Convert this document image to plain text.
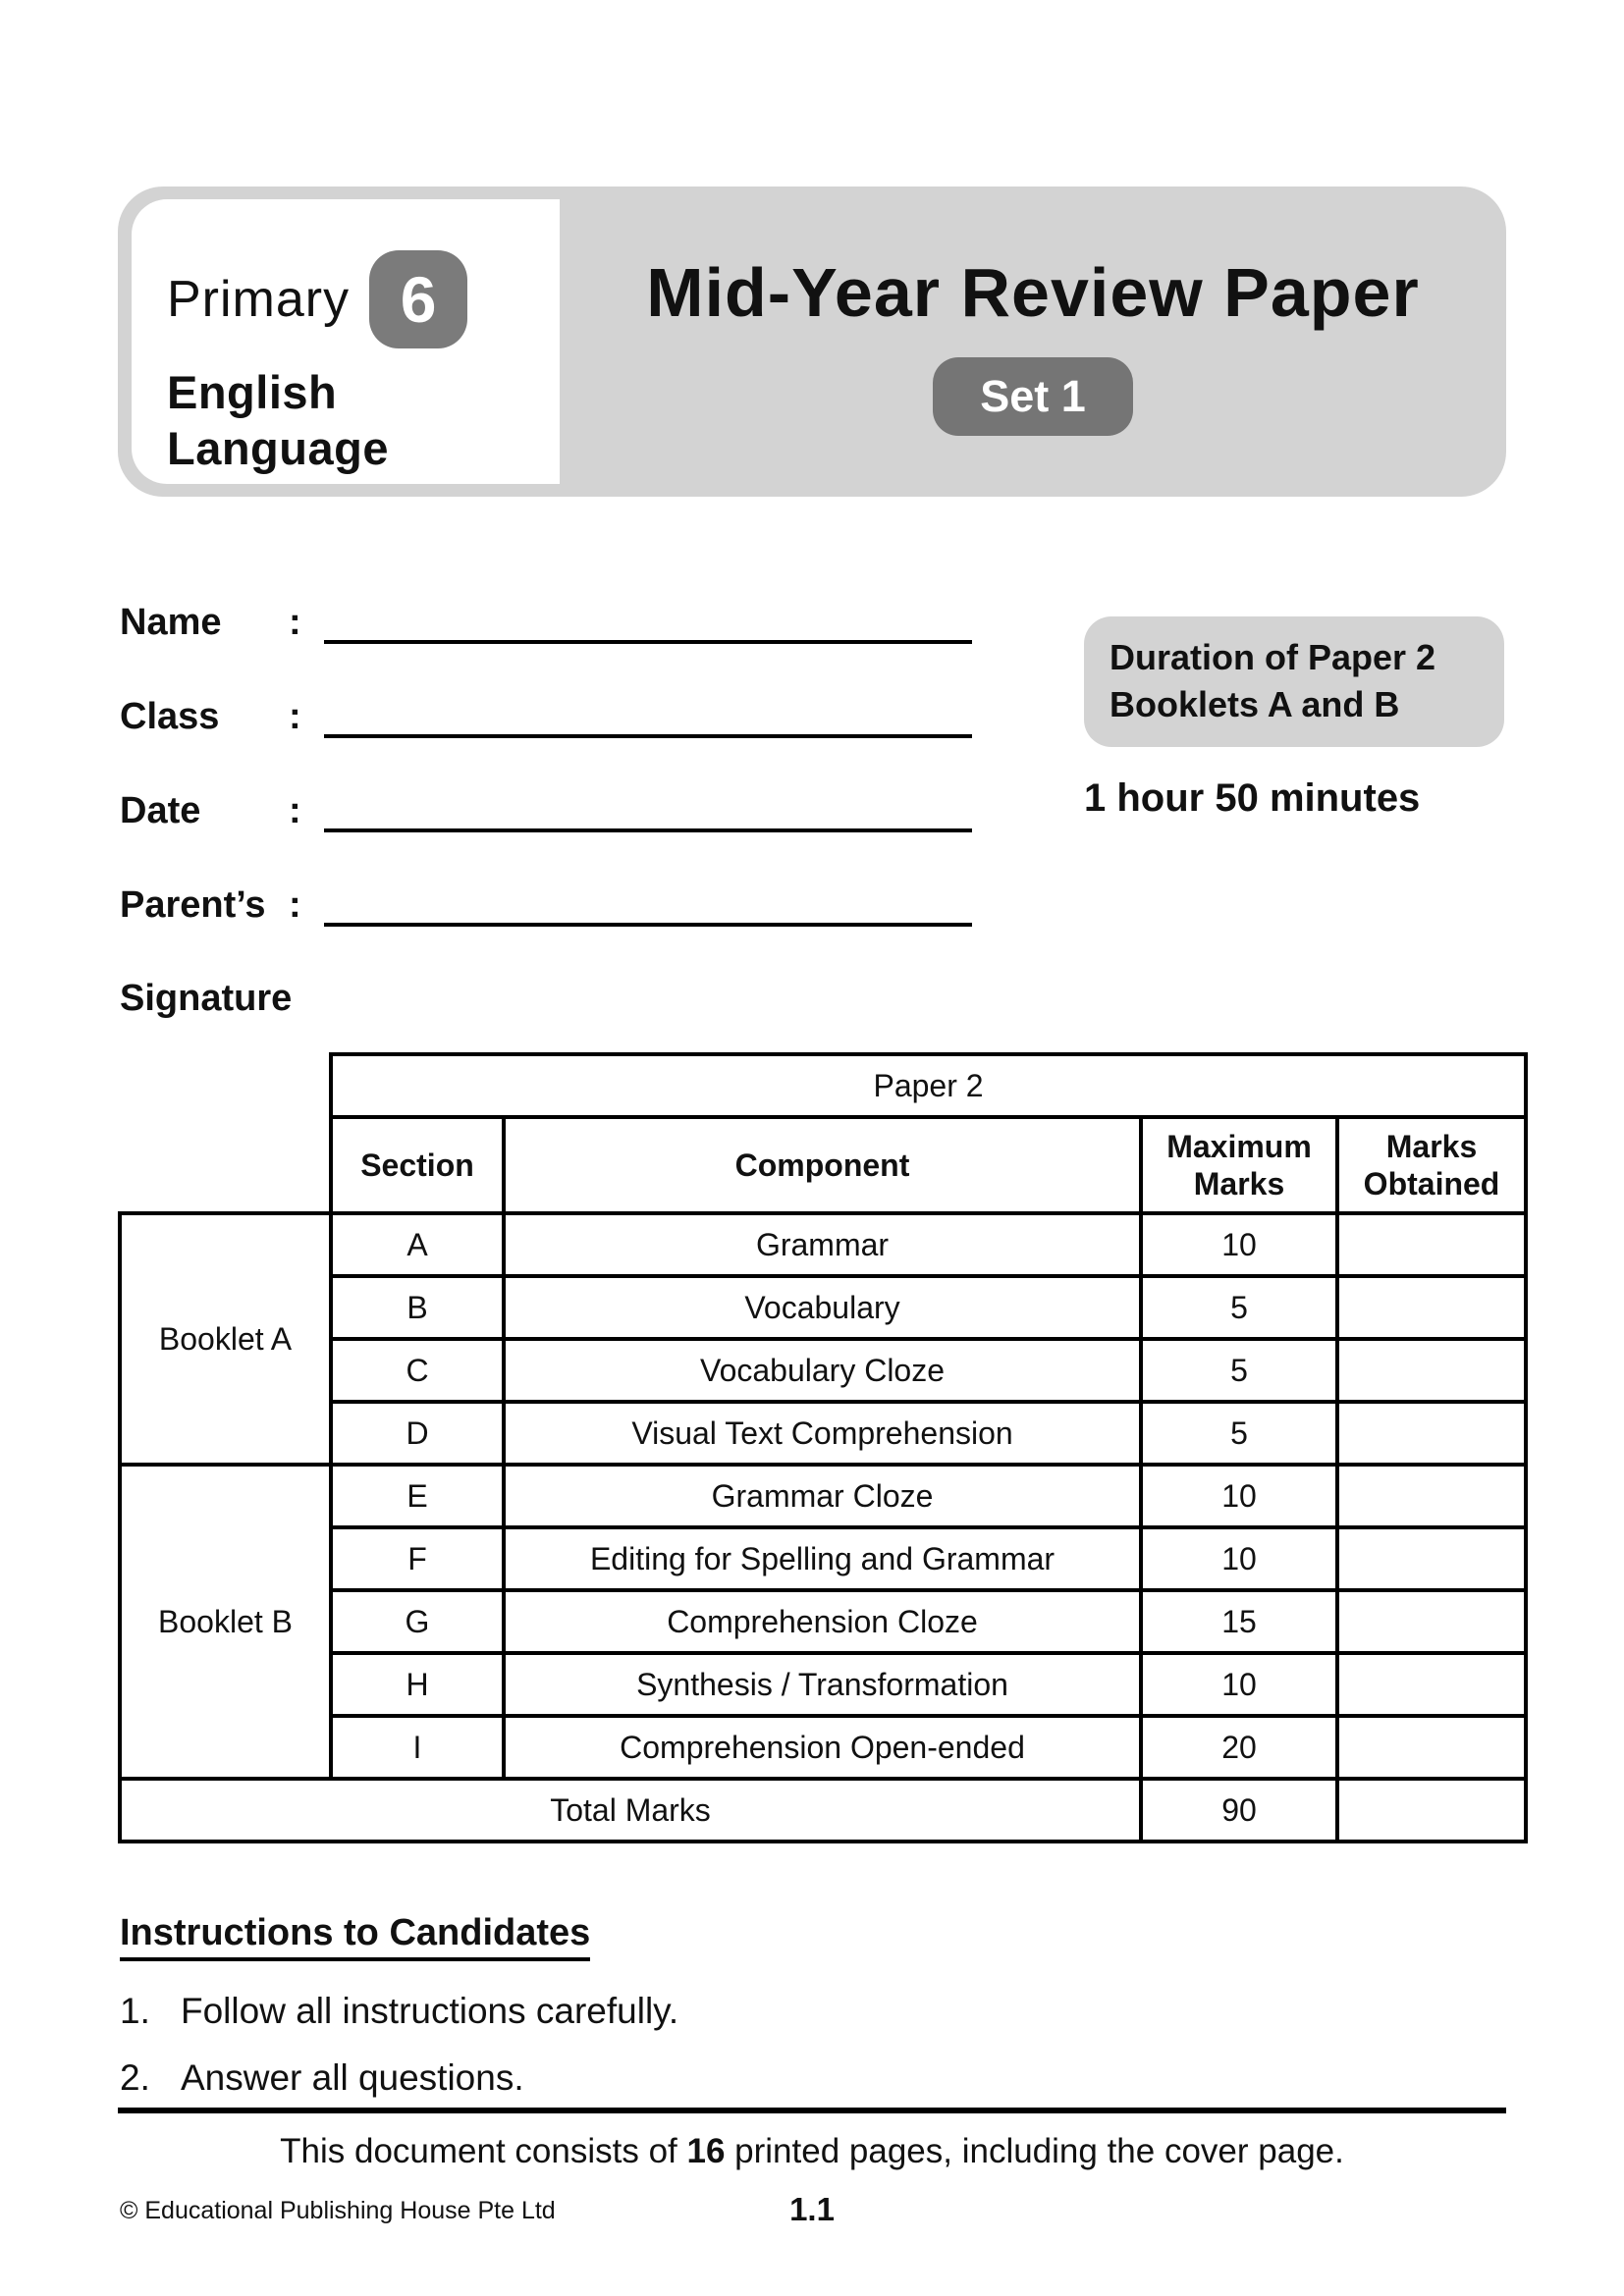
Primary 6
English
Language
Mid-Year Review Paper
Set 1
Name	:
Class	:
Date	:
Parent’s :
Signature
Duration of Paper 2
Booklets A and B
1 hour 50 minutes
	Paper 2			
	Section	Component	Maximum Marks	Marks Obtained
Booklet A	A	Grammar	10	
	B	Vocabulary	5	
	C	Vocabulary Cloze	5	
	D	Visual Text Comprehension	5	
Booklet B	E	Grammar Cloze	10	
	F	Editing for Spelling and Grammar	10	
	G	Comprehension Cloze	15	
	H	Synthesis / Transformation	10	
	I	Comprehension Open-ended	20	
Total Marks			90	
Instructions to Candidates
1. Follow all instructions carefully.
2. Answer all questions.
This document consists of 16 printed pages, including the cover page.
© Educational Publishing House Pte Ltd	1.1
